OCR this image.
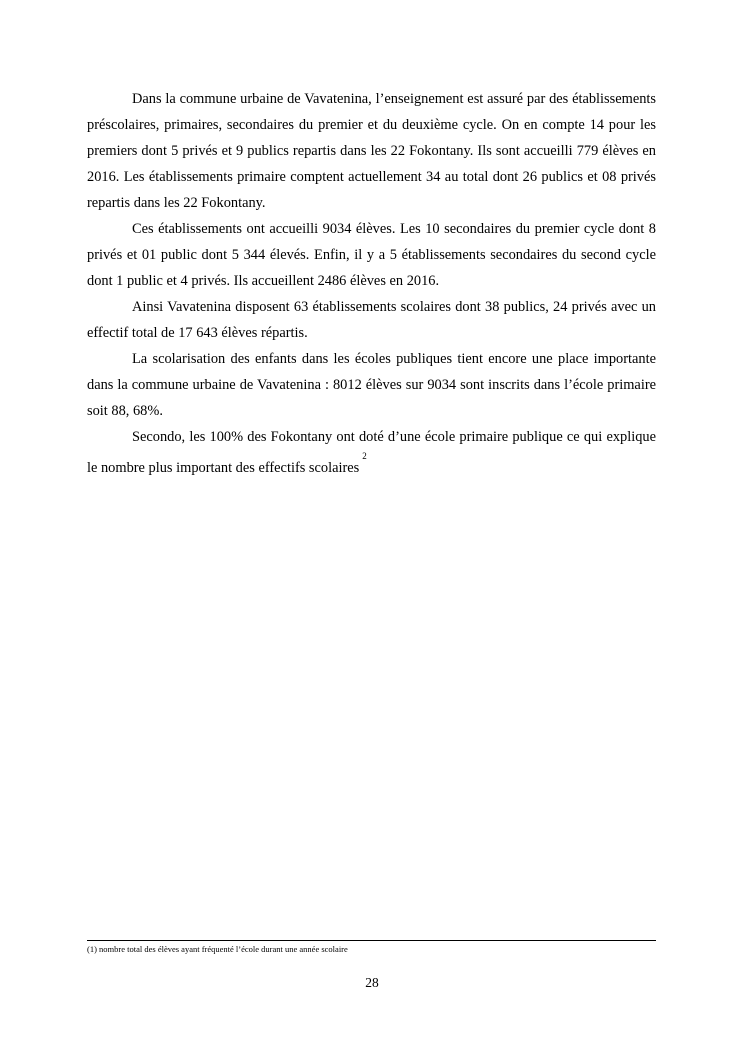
Dans la commune urbaine de Vavatenina, l’enseignement est assuré par des établissements préscolaires, primaires, secondaires du premier et du deuxième cycle. On en compte 14 pour les premiers dont 5 privés et 9 publics repartis dans les 22 Fokontany. Ils sont accueilli 779 élèves en 2016. Les établissements primaire comptent actuellement 34 au total dont 26 publics et 08 privés repartis dans les 22 Fokontany.

Ces établissements ont accueilli 9034 élèves. Les 10 secondaires du premier cycle dont 8 privés et 01 public dont 5 344 élevés. Enfin, il y a 5 établissements secondaires du second cycle dont 1 public et 4 privés. Ils accueillent 2486 élèves en 2016.

Ainsi Vavatenina disposent 63 établissements scolaires dont 38 publics, 24 privés avec un effectif total de 17 643 élèves répartis.

La scolarisation des enfants dans les écoles publiques tient encore une place importante dans la commune urbaine de Vavatenina : 8012 élèves sur 9034 sont inscrits dans l’école primaire soit 88, 68%.

Secondo, les 100% des Fokontany ont doté d’une école primaire publique ce qui explique le nombre plus important des effectifs scolaires$^2$

(1) nombre total des élèves ayant fréquenté l’école durant une année scolaire
28
